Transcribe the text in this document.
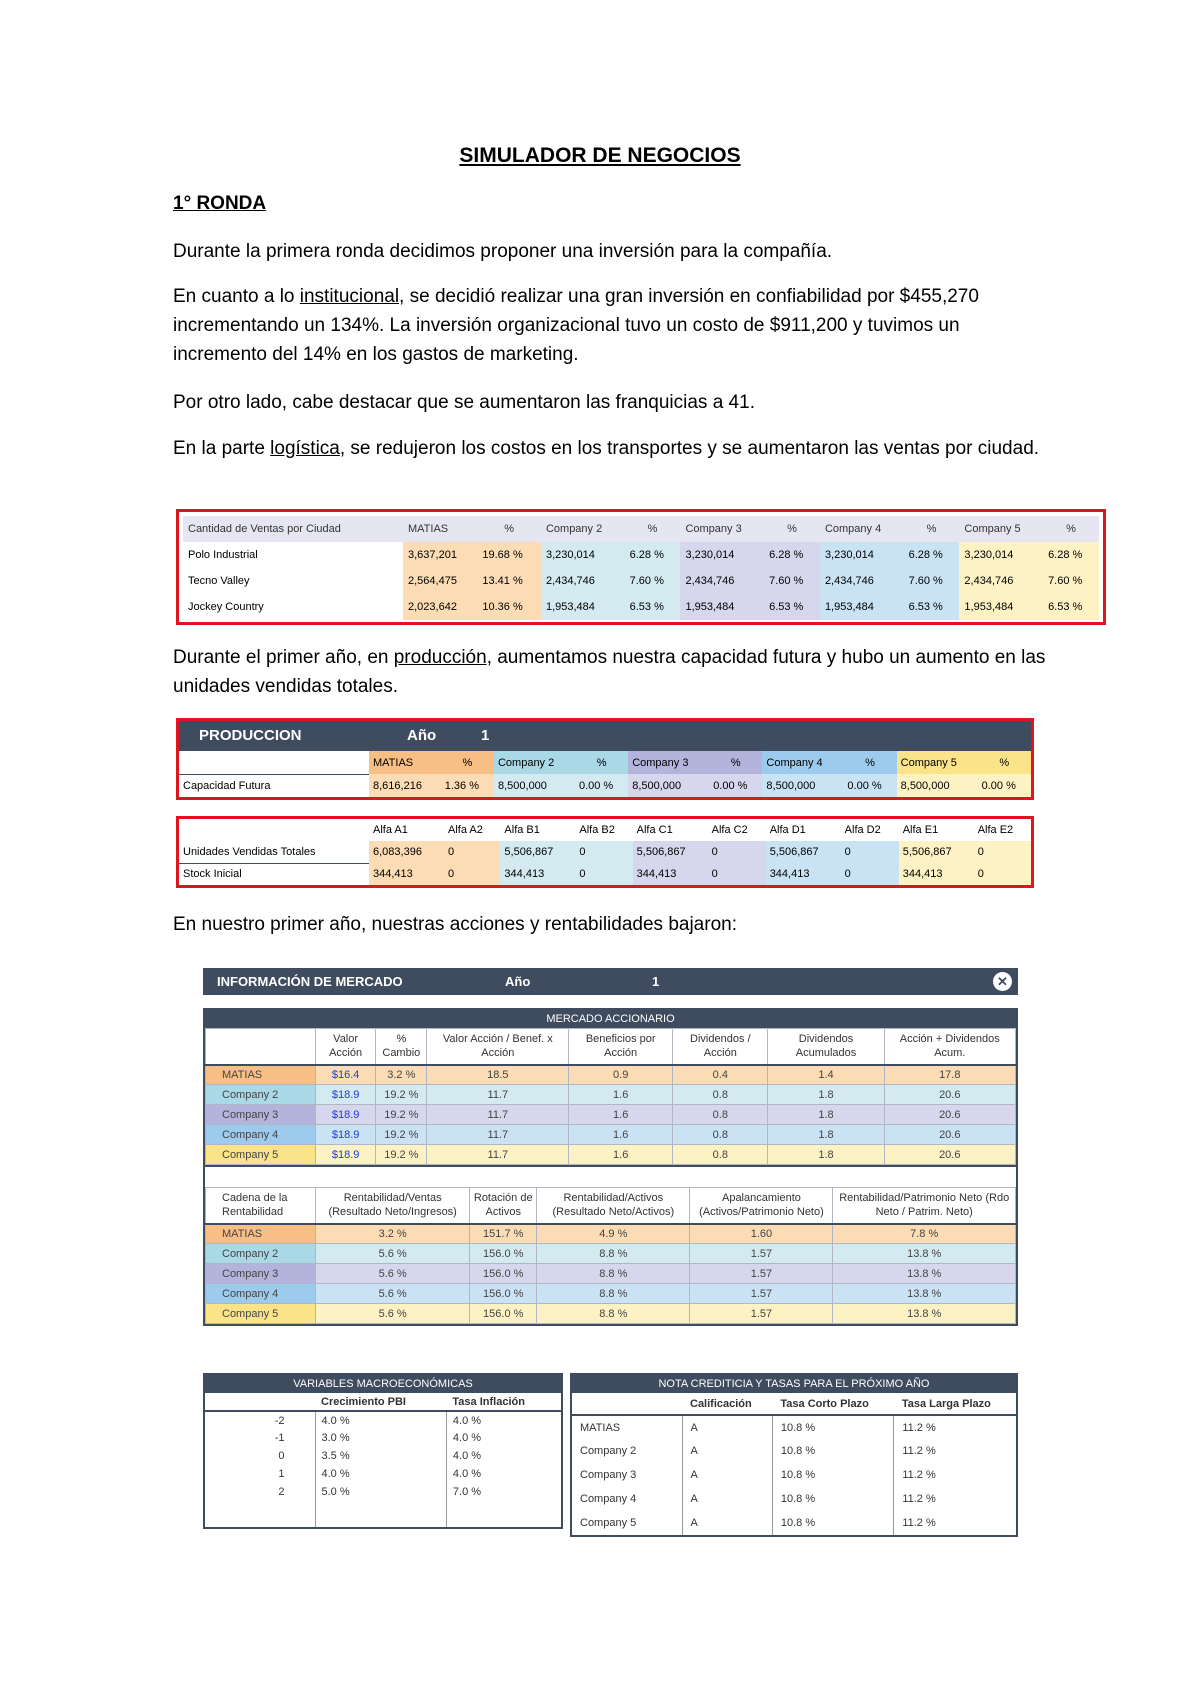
SIMULADOR DE NEGOCIOS
1° RONDA
Durante la primera ronda decidimos proponer una inversión para la compañía.
En cuanto a lo institucional, se decidió realizar una gran inversión en confiabilidad por $455,270 incrementando un 134%. La inversión organizacional tuvo un costo de $911,200 y tuvimos un incremento del 14% en los gastos de marketing.
Por otro lado, cabe destacar que se aumentaron las franquicias a 41.
En la parte logística, se redujeron los costos en los transportes y se aumentaron las ventas por ciudad.
Cantidad de Ventas por Ciudad	MATIAS	%	Company 2	%	Company 3	%	Company 4	%	Company 5	%
Polo Industrial	3,637,201	19.68 %	3,230,014	6.28 %	3,230,014	6.28 %	3,230,014	6.28 %	3,230,014	6.28 %
Tecno Valley	2,564,475	13.41 %	2,434,746	7.60 %	2,434,746	7.60 %	2,434,746	7.60 %	2,434,746	7.60 %
Jockey Country	2,023,642	10.36 %	1,953,484	6.53 %	1,953,484	6.53 %	1,953,484	6.53 %	1,953,484	6.53 %
Durante el primer año, en producción, aumentamos nuestra capacidad futura y hubo un aumento en las unidades vendidas totales.
PRODUCCION	Año	1
	MATIAS	%	Company 2	%	Company 3	%	Company 4	%	Company 5	%
Capacidad Futura	8,616,216	1.36 %	8,500,000	0.00 %	8,500,000	0.00 %	8,500,000	0.00 %	8,500,000	0.00 %
	Alfa A1	Alfa A2	Alfa B1	Alfa B2	Alfa C1	Alfa C2	Alfa D1	Alfa D2	Alfa E1	Alfa E2
Unidades Vendidas Totales	6,083,396	0	5,506,867	0	5,506,867	0	5,506,867	0	5,506,867	0
Stock Inicial	344,413	0	344,413	0	344,413	0	344,413	0	344,413	0
En nuestro primer año, nuestras acciones y rentabilidades bajaron:
INFORMACIÓN DE MERCADO	Año	1	✕
MERCADO ACCIONARIO
	Valor Acción	% Cambio	Valor Acción / Benef. x Acción	Beneficios por Acción	Dividendos / Acción	Dividendos Acumulados	Acción + Dividendos Acum.
MATIAS	$16.4	3.2 %	18.5	0.9	0.4	1.4	17.8
Company 2	$18.9	19.2 %	11.7	1.6	0.8	1.8	20.6
Company 3	$18.9	19.2 %	11.7	1.6	0.8	1.8	20.6
Company 4	$18.9	19.2 %	11.7	1.6	0.8	1.8	20.6
Company 5	$18.9	19.2 %	11.7	1.6	0.8	1.8	20.6
Cadena de la Rentabilidad	Rentabilidad/Ventas (Resultado Neto/Ingresos)	Rotación de Activos	Rentabilidad/Activos (Resultado Neto/Activos)	Apalancamiento (Activos/Patrimonio Neto)	Rentabilidad/Patrimonio Neto (Rdo Neto / Patrim. Neto)
MATIAS	3.2 %	151.7 %	4.9 %	1.60	7.8 %
Company 2	5.6 %	156.0 %	8.8 %	1.57	13.8 %
Company 3	5.6 %	156.0 %	8.8 %	1.57	13.8 %
Company 4	5.6 %	156.0 %	8.8 %	1.57	13.8 %
Company 5	5.6 %	156.0 %	8.8 %	1.57	13.8 %
VARIABLES MACROECONÓMICAS
	Crecimiento PBI	Tasa Inflación
-2	4.0 %	4.0 %
-1	3.0 %	4.0 %
0	3.5 %	4.0 %
1	4.0 %	4.0 %
2	5.0 %	7.0 %

NOTA CREDITICIA Y TASAS PARA EL PRÓXIMO AÑO
	Calificación	Tasa Corto Plazo	Tasa Larga Plazo
MATIAS	A	10.8 %	11.2 %
Company 2	A	10.8 %	11.2 %
Company 3	A	10.8 %	11.2 %
Company 4	A	10.8 %	11.2 %
Company 5	A	10.8 %	11.2 %
